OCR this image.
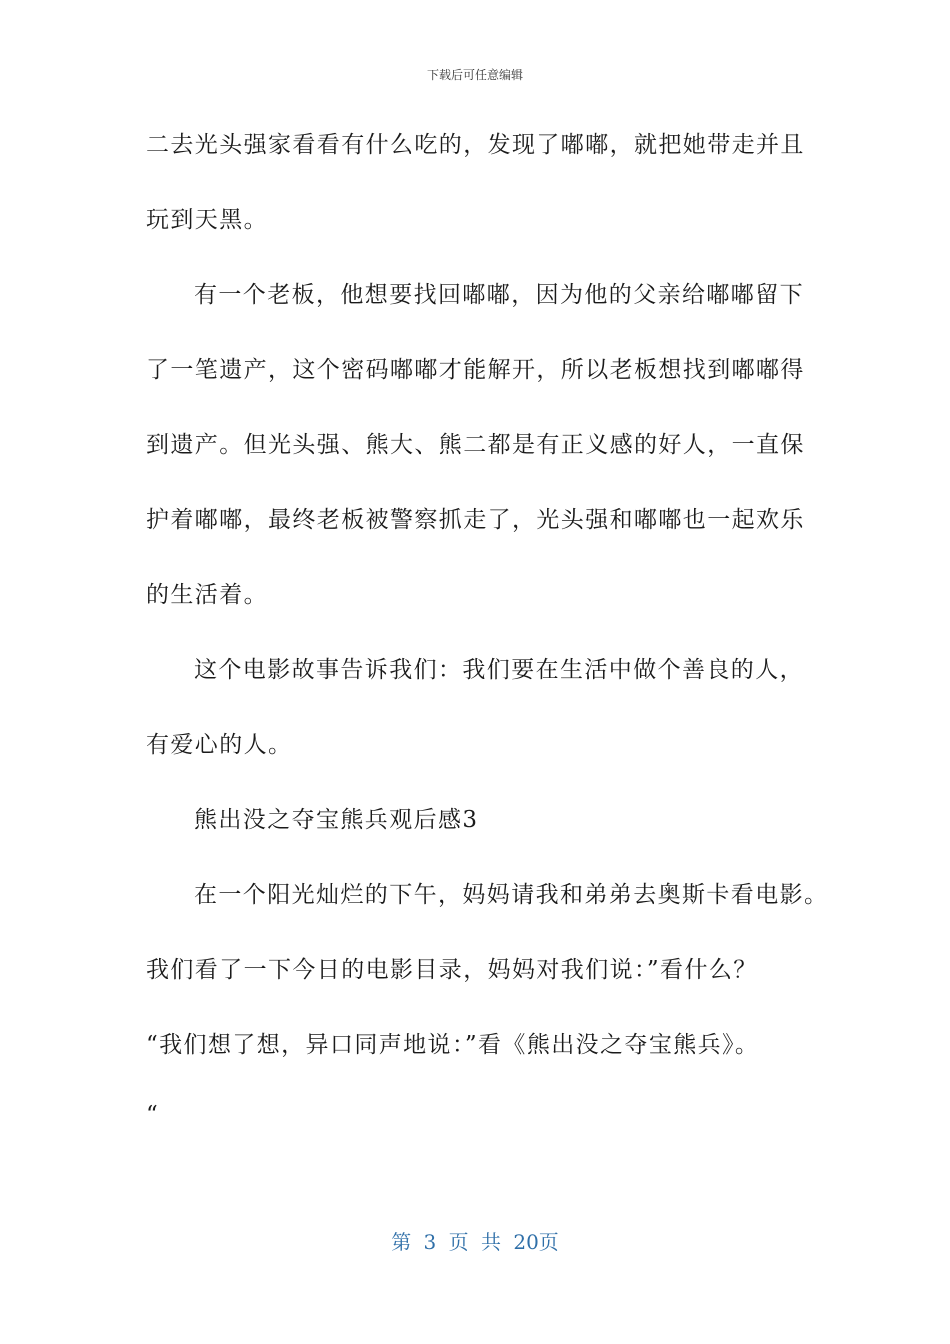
下载后可任意编辑
二去光头强家看看有什么吃的，发现了嘟嘟，就把她带走并且
玩到天黑。
有一个老板，他想要找回嘟嘟，因为他的父亲给嘟嘟留下
了一笔遗产，这个密码嘟嘟才能解开，所以老板想找到嘟嘟得
到遗产。但光头强、熊大、熊二都是有正义感的好人，一直保
护着嘟嘟，最终老板被警察抓走了，光头强和嘟嘟也一起欢乐
的生活着。
这个电影故事告诉我们：我们要在生活中做个善良的人，
有爱心的人。
熊出没之夺宝熊兵观后感3
在一个阳光灿烂的下午，妈妈请我和弟弟去奥斯卡看电影。
我们看了一下今日的电影目录，妈妈对我们说：”看什么？
“我们想了想，异口同声地说：”看《熊出没之夺宝熊兵》。
“
第 3 页 共 20页
